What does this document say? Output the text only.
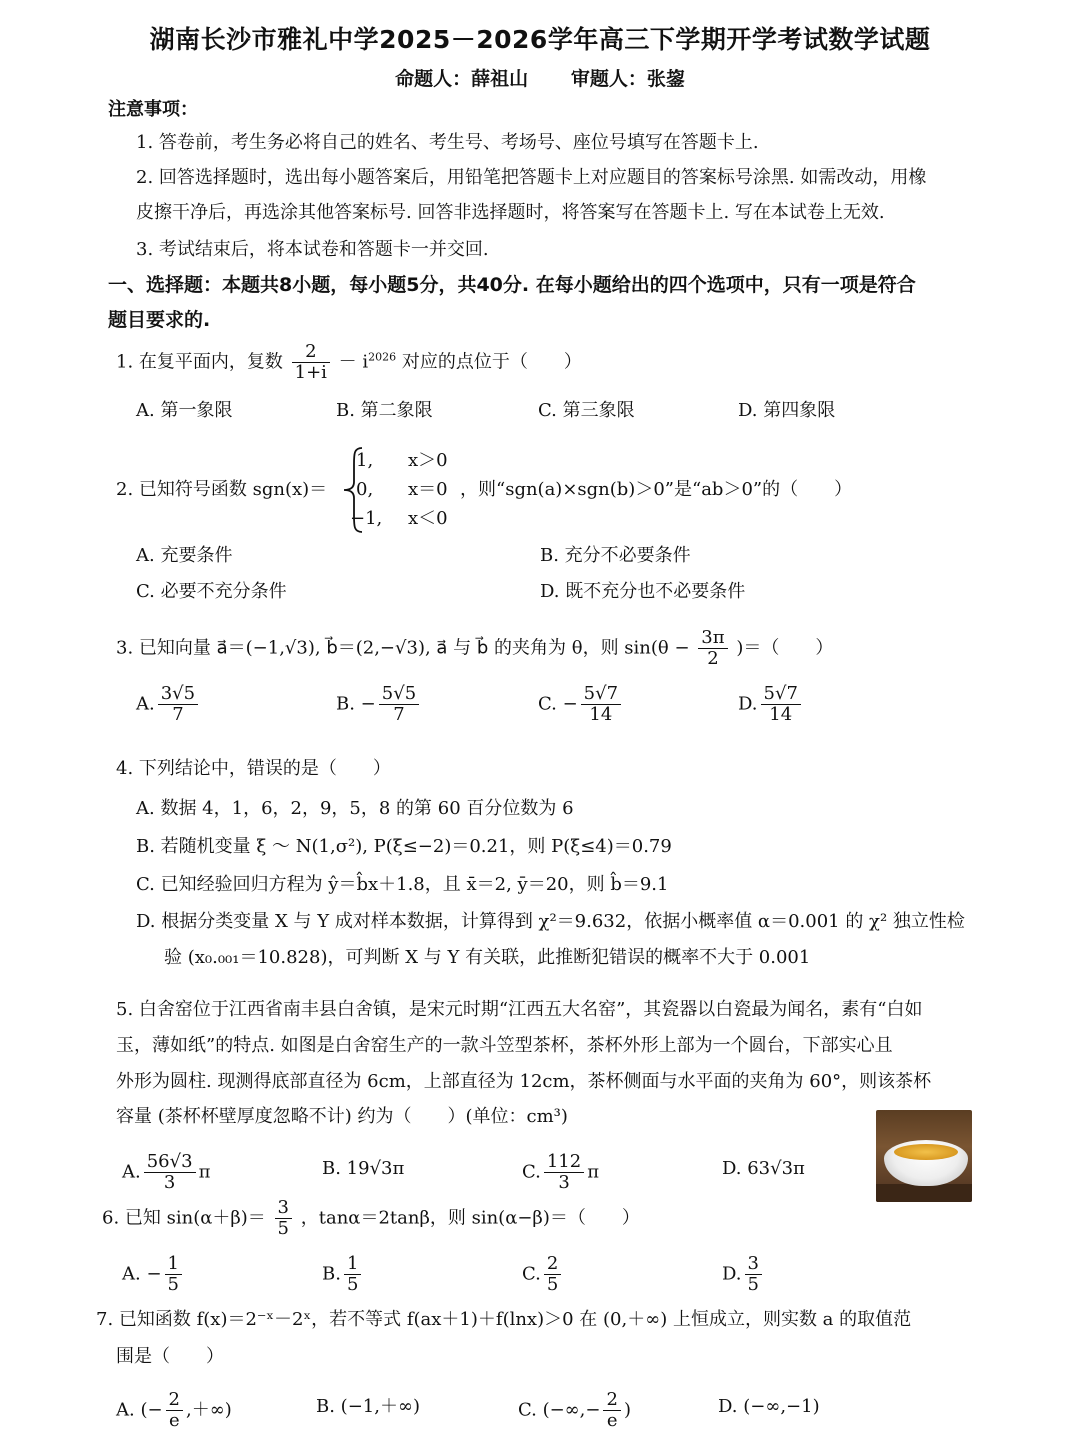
湖南长沙市雅礼中学2025－2026学年高三下学期开学考试数学试题
命题人：薛祖山 审题人：张鋆
注意事项：
1. 答卷前，考生务必将自己的姓名、考生号、考场号、座位号填写在答题卡上.
2. 回答选择题时，选出每小题答案后，用铅笔把答题卡上对应题目的答案标号涂黑. 如需改动，用橡
皮擦干净后，再选涂其他答案标号. 回答非选择题时，将答案写在答题卡上. 写在本试卷上无效.
3. 考试结束后，将本试卷和答题卡一并交回.
一、选择题：本题共8小题，每小题5分，共40分. 在每小题给出的四个选项中，只有一项是符合
题目要求的.
1. 在复平面内，复数 $\frac{2}{1+i} - i^{2026}$ 对应的点位于（　　）
A. 第一象限	B. 第二象限	C. 第三象限	D. 第四象限
2. 已知符号函数 sgn(x)＝
1, x＞0
0, x＝0
−1, x＜0
，则“sgn(a)×sgn(b)＞0”是“ab＞0”的（　　）
A. 充要条件	B. 充分不必要条件
C. 必要不充分条件	D. 既不充分也不必要条件
3. 已知向量 a⃗＝(−1,√3), b⃗＝(2,−√3), a⃗ 与 b⃗ 的夹角为 θ，则 $\sin(\theta - \frac{3\pi}{2}$ )＝（　　）
A. $\frac{3√5}{7}$	B. − $\frac{5√5}{7}$	C. − $\frac{5√7}{14}$	D. $\frac{5√7}{14}$
4. 下列结论中，错误的是（　　）
A. 数据 4，1，6，2，9，5，8 的第 60 百分位数为 6
B. 若随机变量 ξ ～ N(1,σ²), P(ξ≤−2)＝0.21，则 P(ξ≤4)＝0.79
C. 已知经验回归方程为 ŷ＝b̂x＋1.8，且 x̄＝2, ȳ＝20，则 b̂＝9.1
D. 根据分类变量 X 与 Y 成对样本数据，计算得到 χ²＝9.632，依据小概率值 α＝0.001 的 χ² 独立性检
验 (x₀.₀₀₁＝10.828)，可判断 X 与 Y 有关联，此推断犯错误的概率不大于 0.001
5. 白舍窑位于江西省南丰县白舍镇，是宋元时期“江西五大名窑”，其瓷器以白瓷最为闻名，素有“白如
玉，薄如纸”的特点. 如图是白舍窑生产的一款斗笠型茶杯，茶杯外形上部为一个圆台，下部实心且
外形为圆柱. 现测得底部直径为 6cm，上部直径为 12cm，茶杯侧面与水平面的夹角为 60°，则该茶杯
容量 (茶杯杯壁厚度忽略不计) 约为（　　）(单位：cm³)
A. $\frac{56√3}{3}$ π	B. 19√3π	C. $\frac{112}{3}$ π	D. 63√3π
6. 已知 $\sin(\alpha+\beta)= \frac{3}{5}$ ，tanα＝2tanβ，则 sin(α−β)＝（　　）
A. − $\frac{1}{5}$	B. $\frac{1}{5}$	C. $\frac{2}{5}$	D. $\frac{3}{5}$
7. 已知函数 f(x)＝2⁻ˣ－2ˣ，若不等式 f(ax＋1)＋f(lnx)＞0 在 (0,＋∞) 上恒成立，则实数 a 的取值范
围是（　　）
A. (− $\frac{2}{e}$ ,＋∞)	B. (−1,＋∞)	C. (−∞,− $\frac{2}{e}$ )	D. (−∞,−1)
